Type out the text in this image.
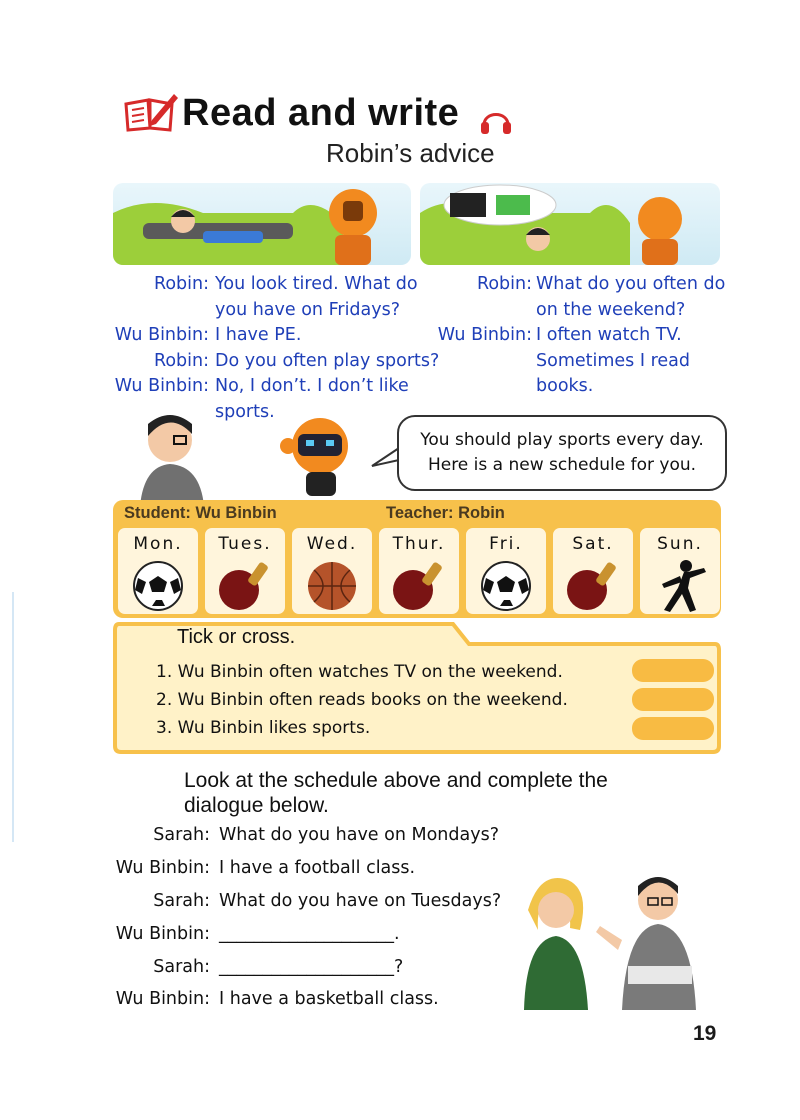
Read and write
Robin’s advice
Robin: You look tired. What do
you have on Fridays?
Wu Binbin: I have PE.
Robin: Do you often play sports?
Wu Binbin: No, I don’t. I don’t like
sports.
Robin: What do you often do
on the weekend?
Wu Binbin: I often watch TV.
Sometimes I read
books.
You should play sports every day.
Here is a new schedule for you.
Student: Wu Binbin	Teacher: Robin
Mon.	Tues.	Wed.	Thur.	Fri.	Sat.	Sun.
Tick or cross.
1. Wu Binbin often watches TV on the weekend.
2. Wu Binbin often reads books on the weekend.
3. Wu Binbin likes sports.
Look at the schedule above and complete the
dialogue below.
Sarah: What do you have on Mondays?
Wu Binbin: I have a football class.
Sarah: What do you have on Tuesdays?
Wu Binbin: ____________________.
Sarah: ____________________?
Wu Binbin: I have a basketball class.
19
